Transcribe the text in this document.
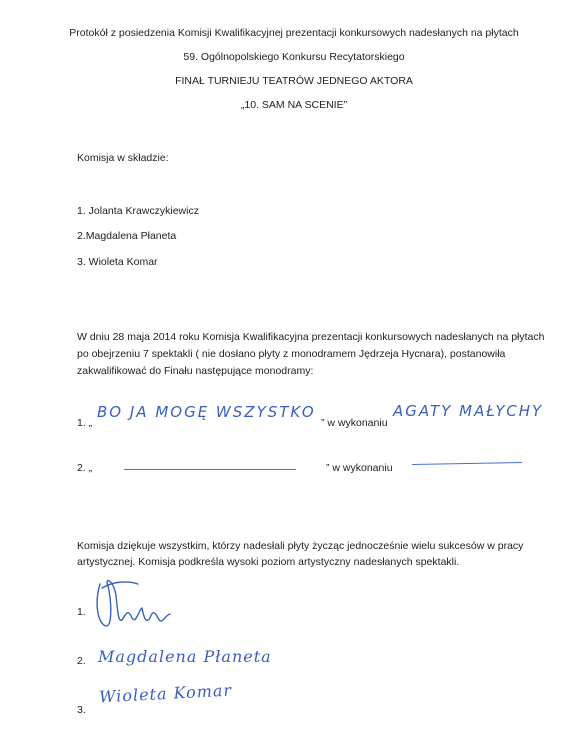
Protokół z posiedzenia Komisji Kwalifikacyjnej prezentacji konkursowych nadesłanych na płytach
59. Ogólnopolskiego Konkursu Recytatorskiego
FINAŁ TURNIEJU TEATRÓW JEDNEGO AKTORA
„10. SAM NA SCENIE”
Komisja w składzie:
1. Jolanta Krawczykiewicz
2.Magdalena Płaneta
3. Wioleta Komar
W dniu 28 maja 2014 roku Komisja Kwalifikacyjna prezentacji konkursowych nadesłanych na płytach
po obejrzeniu 7 spektakli ( nie dosłano płyty z monodramem Jędrzeja Hycnara), postanowiła
zakwalifikować do Finału następujące monodramy:
1. „
BO JA MOGĘ WSZYSTKO
” w wykonaniu
AGATY MAŁYCHY
2. „	” w wykonaniu
Komisja dziękuje wszystkim, którzy nadesłali płyty życząc jednocześnie wielu sukcesów w pracy
artystycznej. Komisja podkreśla wysoki poziom artystyczny nadesłanych spektakli.
1.
2. Magdalena Płaneta
3.
Wioleta Komar
